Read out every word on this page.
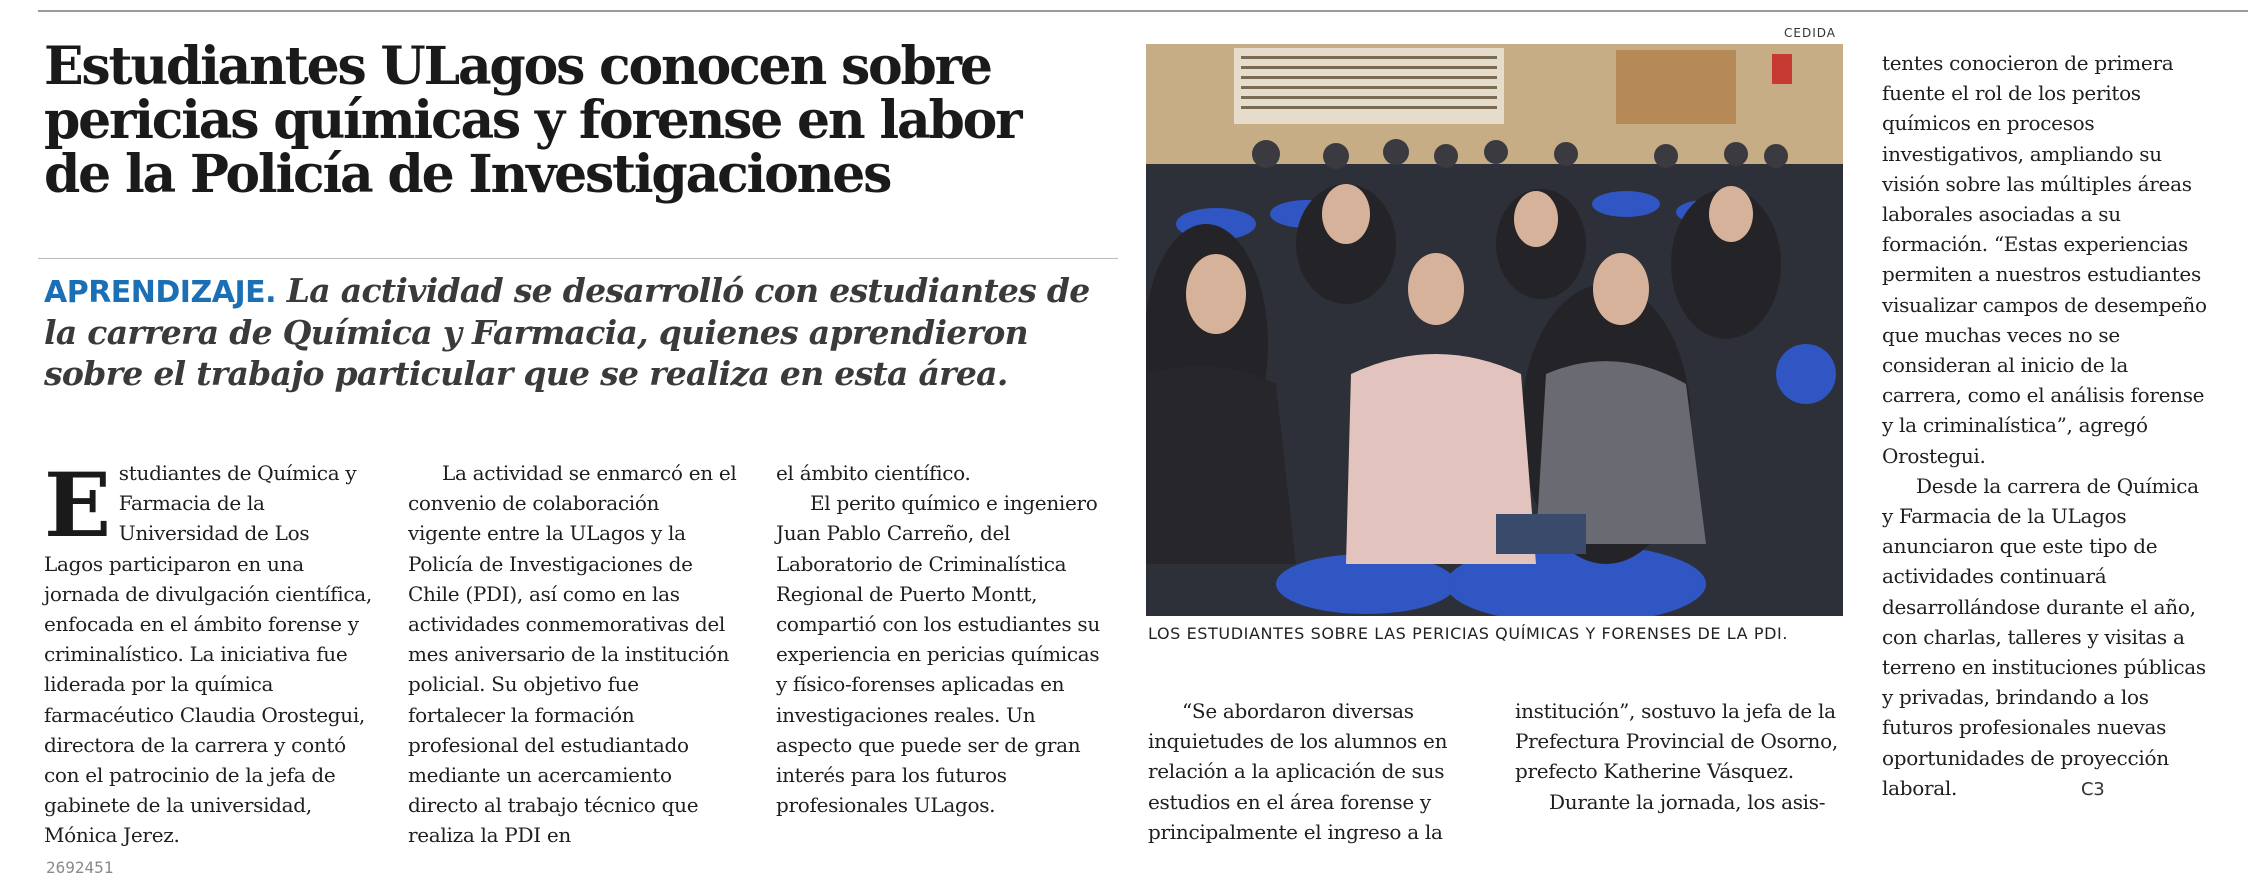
Estudiantes ULagos conocen sobre
pericias químicas y forense en labor
de la Policía de Investigaciones
APRENDIZAJE. La actividad se desarrolló con estudiantes de la carrera de Química y Farmacia, quienes aprendieron sobre el trabajo particular que se realiza en esta área.
E studiantes de Química y Farmacia de la Universidad de Los Lagos participaron en una jornada de divulgación científica, enfocada en el ámbito forense y criminalístico. La iniciativa fue liderada por la química farmacéutico Claudia Orostegui, directora de la carrera y contó con el patrocinio de la jefa de gabinete de la universidad, Mónica Jerez.

La actividad se enmarcó en el convenio de colaboración vigente entre la ULagos y la Policía de Investigaciones de Chile (PDI), así como en las actividades conmemorativas del mes aniversario de la institución policial. Su objetivo fue fortalecer la formación profesional del estudiantado mediante un acercamiento directo al trabajo técnico que realiza la PDI en

el ámbito científico.

El perito químico e ingeniero Juan Pablo Carreño, del Laboratorio de Criminalística Regional de Puerto Montt, compartió con los estudiantes su experiencia en pericias químicas y físico-forenses aplicadas en investigaciones reales. Un aspecto que puede ser de gran interés para los futuros profesionales ULagos.

CEDIDA
LOS ESTUDIANTES SOBRE LAS PERICIAS QUÍMICAS Y FORENSES DE LA PDI.

“Se abordaron diversas inquietudes de los alumnos en relación a la aplicación de sus estudios en el área forense y principalmente el ingreso a la

institución”, sostuvo la jefa de la Prefectura Provincial de Osorno, prefecto Katherine Vásquez.

Durante la jornada, los asis-

tentes conocieron de primera fuente el rol de los peritos químicos en procesos investigativos, ampliando su visión sobre las múltiples áreas laborales asociadas a su formación. “Estas experiencias permiten a nuestros estudiantes visualizar campos de desempeño que muchas veces no se consideran al inicio de la carrera, como el análisis forense y la criminalística”, agregó Orostegui.

Desde la carrera de Química y Farmacia de la ULagos anunciaron que este tipo de actividades continuará desarrollándose durante el año, con charlas, talleres y visitas a terreno en instituciones públicas y privadas, brindando a los futuros profesionales nuevas oportunidades de proyección laboral.	C3

2692451
